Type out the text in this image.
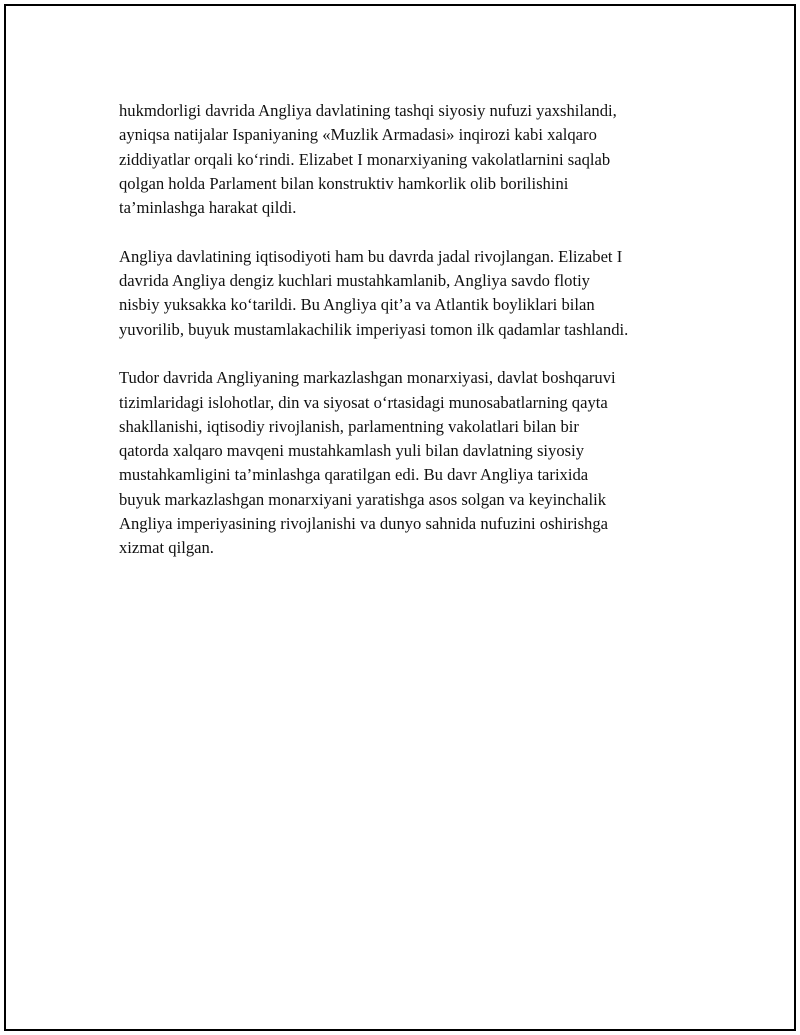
hukmdorligi davrida Angliya davlatining tashqi siyosiy nufuzi yaxshilandi,
ayniqsa natijalar Ispaniyaning «Muzlik Armadasi» inqirozi kabi xalqaro
ziddiyatlar orqali ko‘rindi. Elizabet I monarxiyaning vakolatlarnini saqlab
qolgan holda Parlament bilan konstruktiv hamkorlik olib borilishini
ta’minlashga harakat qildi.

Angliya davlatining iqtisodiyoti ham bu davrda jadal rivojlangan. Elizabet I
davrida Angliya dengiz kuchlari mustahkamlanib, Angliya savdo flotiy
nisbiy yuksakka ko‘tarildi. Bu Angliya qit’a va Atlantik boyliklari bilan
yuvorilib, buyuk mustamlakachilik imperiyasi tomon ilk qadamlar tashlandi.

Tudor davrida Angliyaning markazlashgan monarxiyasi, davlat boshqaruvi
tizimlaridagi islohotlar, din va siyosat o‘rtasidagi munosabatlarning qayta
shakllanishi, iqtisodiy rivojlanish, parlamentning vakolatlari bilan bir
qatorda xalqaro mavqeni mustahkamlash yuli bilan davlatning siyosiy
mustahkamligini ta’minlashga qaratilgan edi. Bu davr Angliya tarixida
buyuk markazlashgan monarxiyani yaratishga asos solgan va keyinchalik
Angliya imperiyasining rivojlanishi va dunyo sahnida nufuzini oshirishga
xizmat qilgan.
